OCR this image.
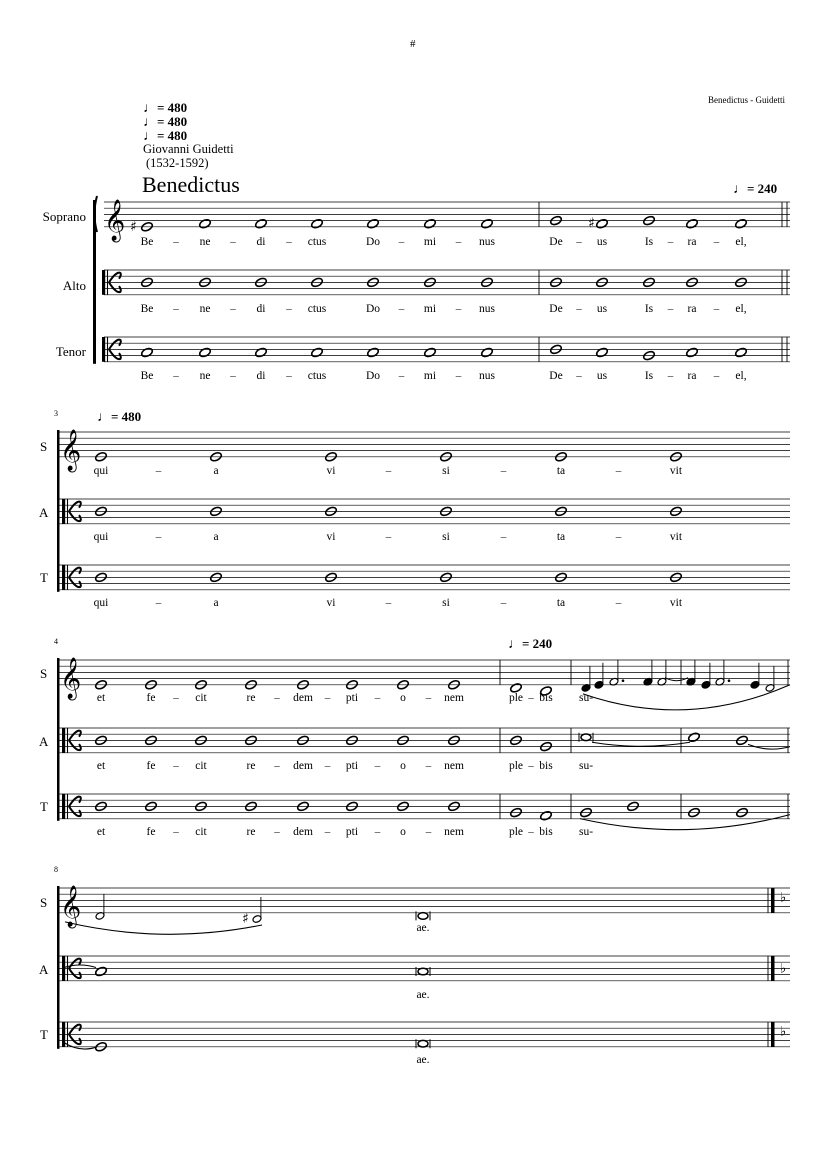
#
Benedictus - Guidetti
♩= 480
♩= 480
♩= 480
Giovanni Guidetti
(1532-1592)
Benedictus	♩= 240
♩= 480
♩= 240
Soprano
Alto
Tenor
S
A
T
S
A
T
S
A
T
3
4
8
Be	ne	di	ctus	Do	mi	nus	De	us	Is	ra	el,
–	–	–	–	–	–	–	–
Be	ne	di	ctus	Do	mi	nus	De	us	Is	ra	el,
–	–	–	–	–	–	–	–
Be	ne	di	ctus	Do	mi	nus	De	us	Is	ra	el,
–	–	–	–	–	–	–	–
qui	a	vi	si	ta	vit
–	–	–	–
qui	a	vi	si	ta	vit
–	–	–	–
qui	a	vi	si	ta	vit
–	–	–	–
et	fe	cit	re	dem	pti	o	nem	ple bis su-
–	–	–	–	–	–
et	fe	cit	re	dem	pti	o	nem	ple bis su-
–	–	–	–	–	–
et	fe	cit	re	dem	pti	o	nem	ple bis su-
–	–	–	–	–	–
ae.
ae.
ae.
𝄞 ♯	♯
𝄞
𝄞
𝄞	♭
♭
♭
♯
